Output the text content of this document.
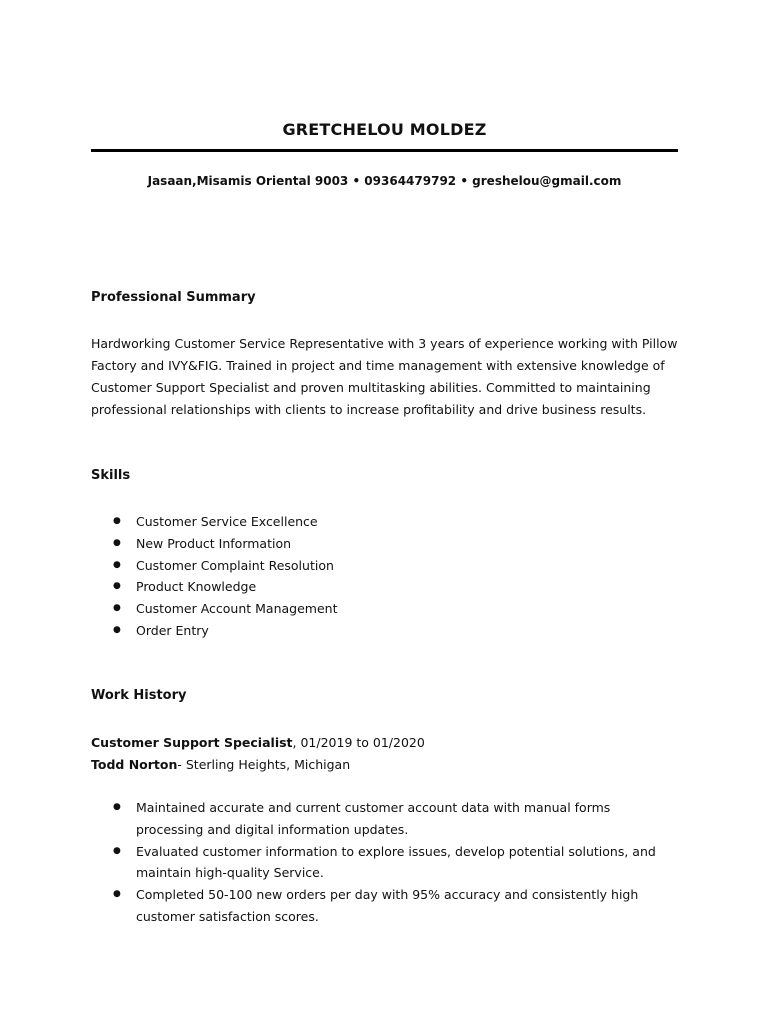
GRETCHELOU MOLDEZ
Jasaan,Misamis Oriental 9003 • 09364479792 • greshelou@gmail.com
Professional Summary
Hardworking Customer Service Representative with 3 years of experience working with Pillow Factory and IVY&FIG. Trained in project and time management with extensive knowledge of Customer Support Specialist and proven multitasking abilities. Committed to maintaining professional relationships with clients to increase profitability and drive business results.
Skills
● Customer Service Excellence
● New Product Information
● Customer Complaint Resolution
● Product Knowledge
● Customer Account Management
● Order Entry
Work History
Customer Support Specialist, 01/2019 to 01/2020
Todd Norton- Sterling Heights, Michigan
● Maintained accurate and current customer account data with manual forms processing and digital information updates.
● Evaluated customer information to explore issues, develop potential solutions, and maintain high-quality Service.
● Completed 50-100 new orders per day with 95% accuracy and consistently high customer satisfaction scores.
